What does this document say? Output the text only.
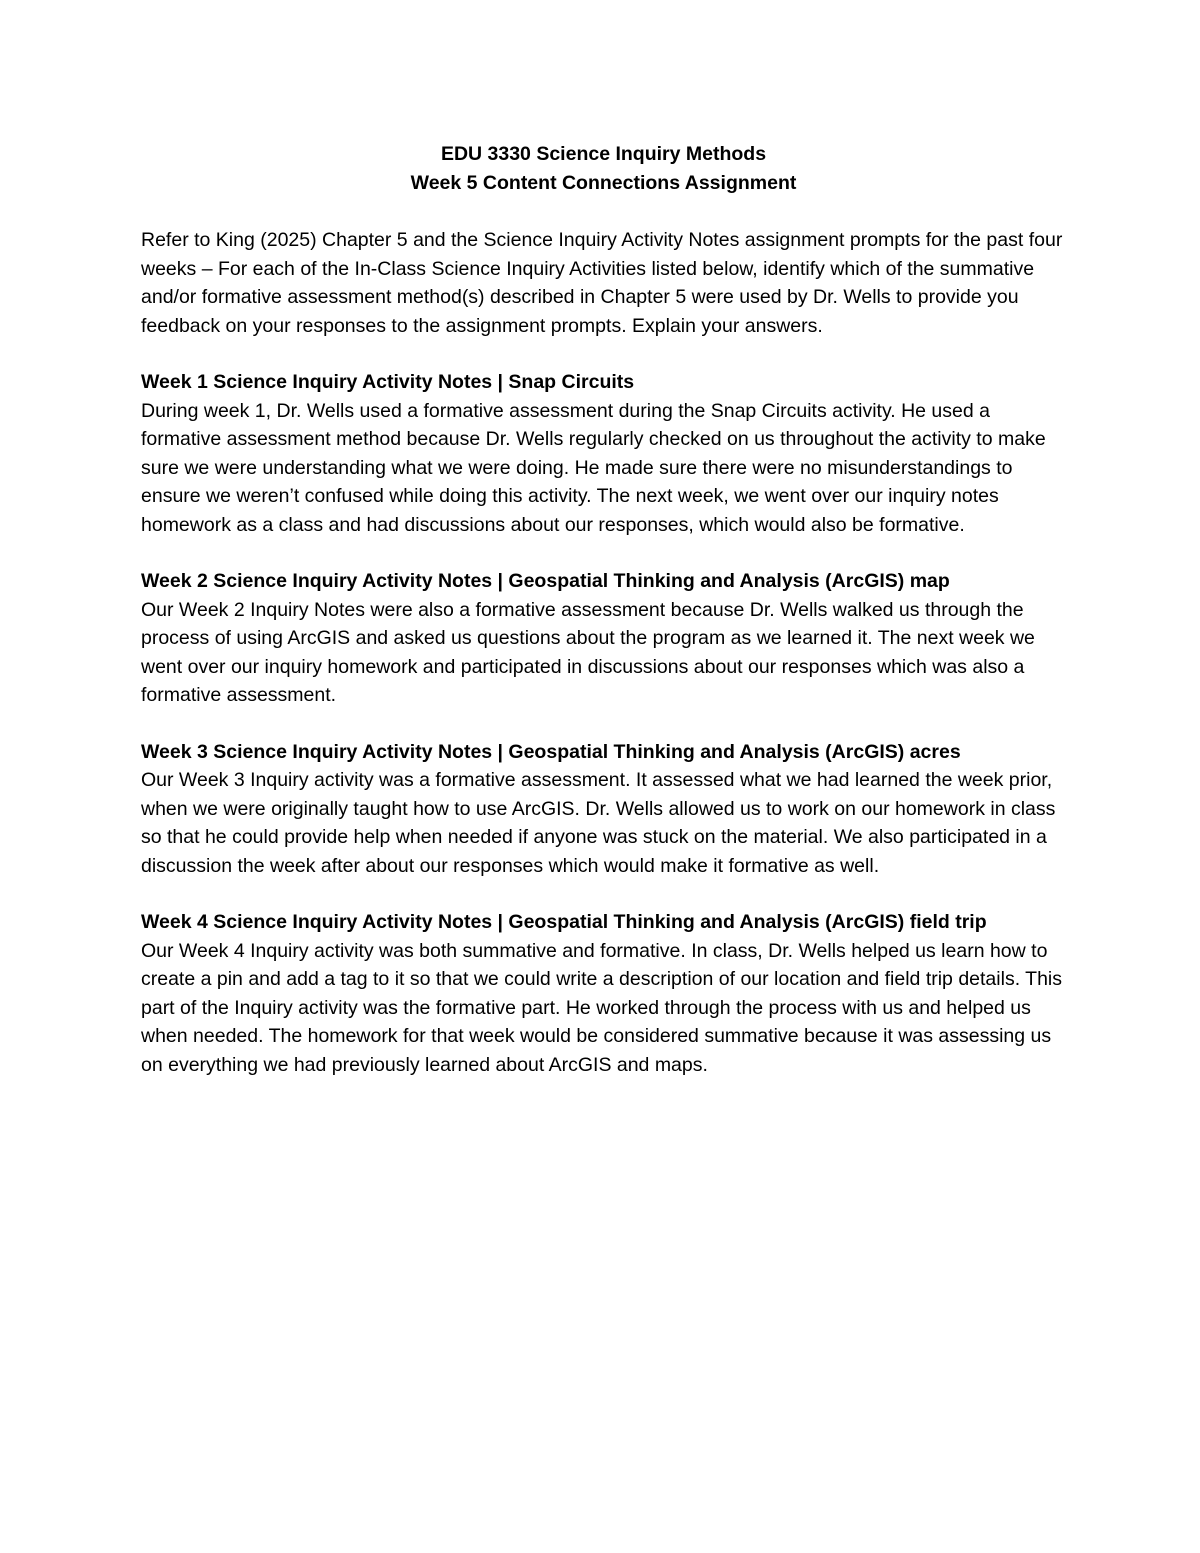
EDU 3330 Science Inquiry Methods
Week 5 Content Connections Assignment

Refer to King (2025) Chapter 5 and the Science Inquiry Activity Notes assignment prompts for the past four weeks – For each of the In-Class Science Inquiry Activities listed below, identify which of the summative and/or formative assessment method(s) described in Chapter 5 were used by Dr. Wells to provide you feedback on your responses to the assignment prompts. Explain your answers.

Week 1 Science Inquiry Activity Notes | Snap Circuits

During week 1, Dr. Wells used a formative assessment during the Snap Circuits activity. He used a formative assessment method because Dr. Wells regularly checked on us throughout the activity to make sure we were understanding what we were doing. He made sure there were no misunderstandings to ensure we weren’t confused while doing this activity. The next week, we went over our inquiry notes homework as a class and had discussions about our responses, which would also be formative.

Week 2 Science Inquiry Activity Notes | Geospatial Thinking and Analysis (ArcGIS) map

Our Week 2 Inquiry Notes were also a formative assessment because Dr. Wells walked us through the process of using ArcGIS and asked us questions about the program as we learned it. The next week we went over our inquiry homework and participated in discussions about our responses which was also a formative assessment.

Week 3 Science Inquiry Activity Notes | Geospatial Thinking and Analysis (ArcGIS) acres

Our Week 3 Inquiry activity was a formative assessment. It assessed what we had learned the week prior, when we were originally taught how to use ArcGIS. Dr. Wells allowed us to work on our homework in class so that he could provide help when needed if anyone was stuck on the material. We also participated in a discussion the week after about our responses which would make it formative as well.

Week 4 Science Inquiry Activity Notes | Geospatial Thinking and Analysis (ArcGIS) field trip

Our Week 4 Inquiry activity was both summative and formative. In class, Dr. Wells helped us learn how to create a pin and add a tag to it so that we could write a description of our location and field trip details. This part of the Inquiry activity was the formative part. He worked through the process with us and helped us when needed. The homework for that week would be considered summative because it was assessing us on everything we had previously learned about ArcGIS and maps.
